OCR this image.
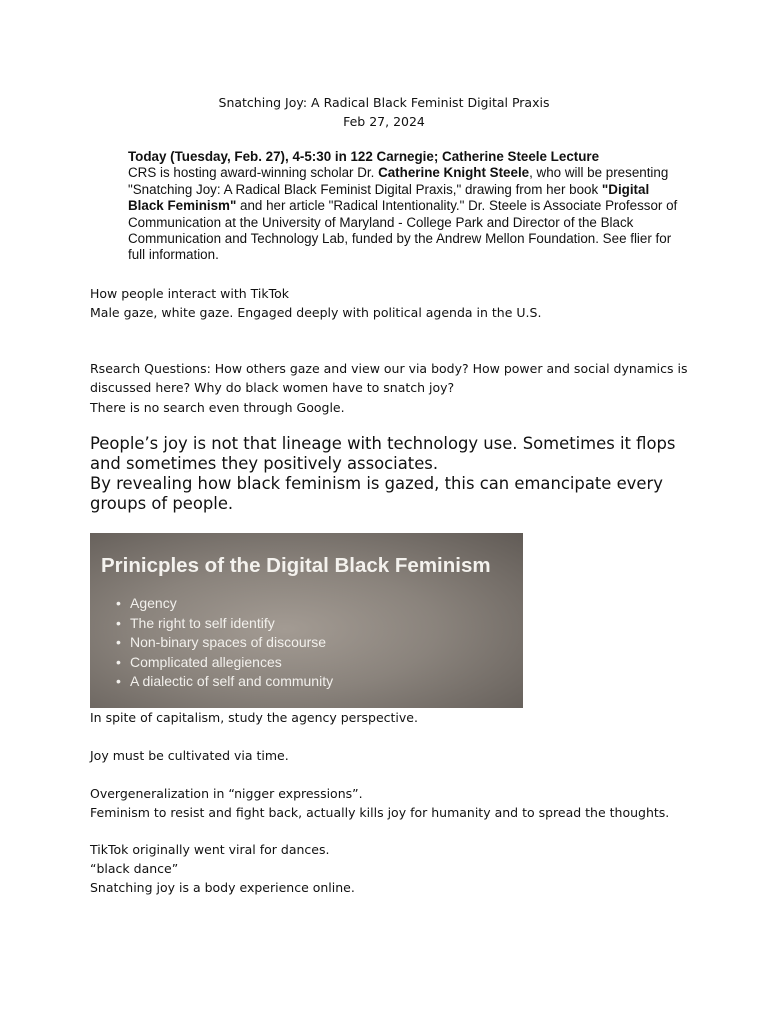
Snatching Joy: A Radical Black Feminist Digital Praxis
Feb 27, 2024
Today (Tuesday, Feb. 27), 4-5:30 in 122 Carnegie; Catherine Steele Lecture
CRS is hosting award-winning scholar Dr. Catherine Knight Steele, who will be presenting "Snatching Joy: A Radical Black Feminist Digital Praxis," drawing from her book "Digital Black Feminism" and her article "Radical Intentionality." Dr. Steele is Associate Professor of Communication at the University of Maryland - College Park and Director of the Black Communication and Technology Lab, funded by the Andrew Mellon Foundation. See flier for full information.
How people interact with TikTok
Male gaze, white gaze. Engaged deeply with political agenda in the U.S.
Rsearch Questions: How others gaze and view our via body? How power and social dynamics is discussed here? Why do black women have to snatch joy?
There is no search even through Google.
People’s joy is not that lineage with technology use. Sometimes it flops and sometimes they positively associates.
By revealing how black feminism is gazed, this can emancipate every groups of people.
Prinicples of the Digital Black Feminism
• Agency
• The right to self identify
• Non-binary spaces of discourse
• Complicated allegiences
• A dialectic of self and community
In spite of capitalism, study the agency perspective.
Joy must be cultivated via time.
Overgeneralization in “nigger expressions”.
Feminism to resist and fight back, actually kills joy for humanity and to spread the thoughts.
TikTok originally went viral for dances.
“black dance”
Snatching joy is a body experience online.
